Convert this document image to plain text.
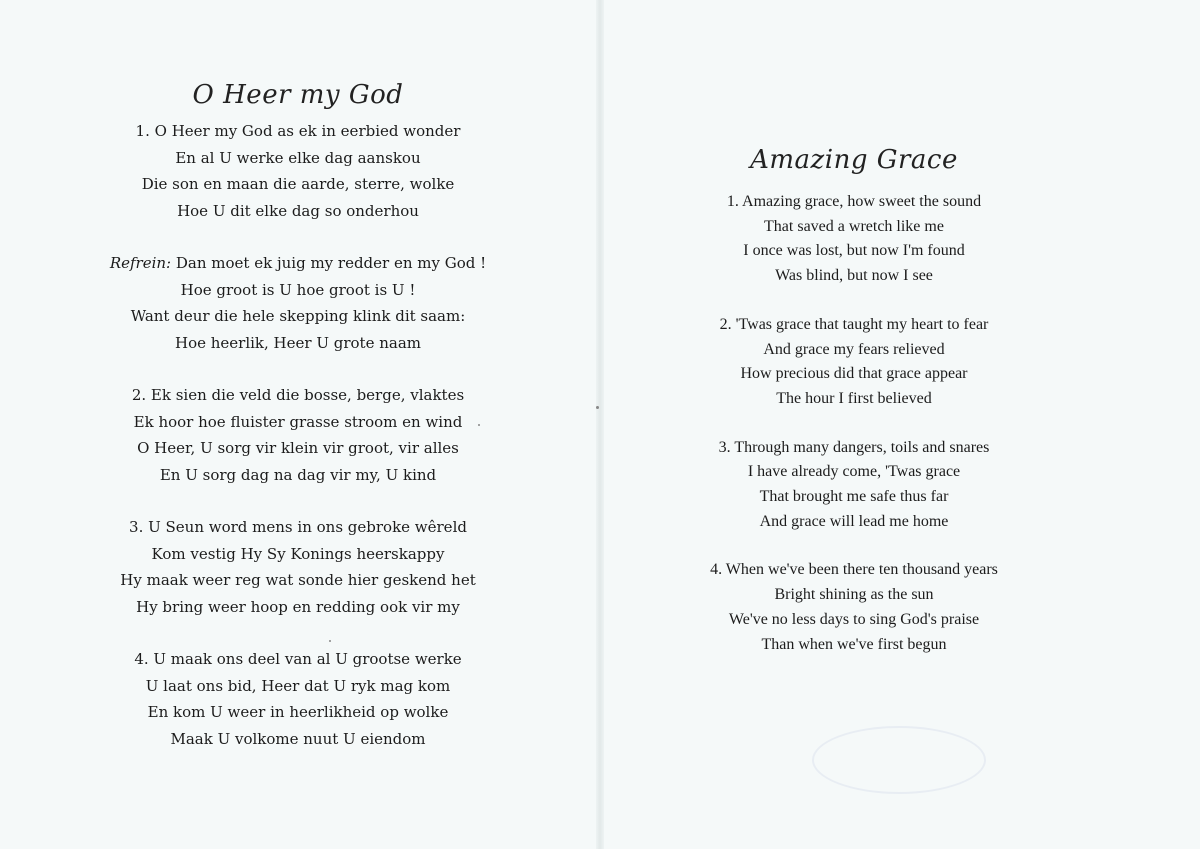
O Heer my God
1. O Heer my God as ek in eerbied wonder
En al U werke elke dag aanskou
Die son en maan die aarde, sterre, wolke
Hoe U dit elke dag so onderhou
Refrein: Dan moet ek juig my redder en my God !
Hoe groot is U hoe groot is U !
Want deur die hele skepping klink dit saam:
Hoe heerlik, Heer U grote naam
2. Ek sien die veld die bosse, berge, vlaktes
Ek hoor hoe fluister grasse stroom en wind
O Heer, U sorg vir klein vir groot, vir alles
En U sorg dag na dag vir my, U kind
3. U Seun word mens in ons gebroke wêreld
Kom vestig Hy Sy Konings heerskappy
Hy maak weer reg wat sonde hier geskend het
Hy bring weer hoop en redding ook vir my
4. U maak ons deel van al U grootse werke
U laat ons bid, Heer dat U ryk mag kom
En kom U weer in heerlikheid op wolke
Maak U volkome nuut U eiendom
Amazing Grace
1. Amazing grace, how sweet the sound
That saved a wretch like me
I once was lost, but now I'm found
Was blind, but now I see
2. 'Twas grace that taught my heart to fear
And grace my fears relieved
How precious did that grace appear
The hour I first believed
3. Through many dangers, toils and snares
I have already come, 'Twas grace
That brought me safe thus far
And grace will lead me home
4. When we've been there ten thousand years
Bright shining as the sun
We've no less days to sing God's praise
Than when we've first begun
